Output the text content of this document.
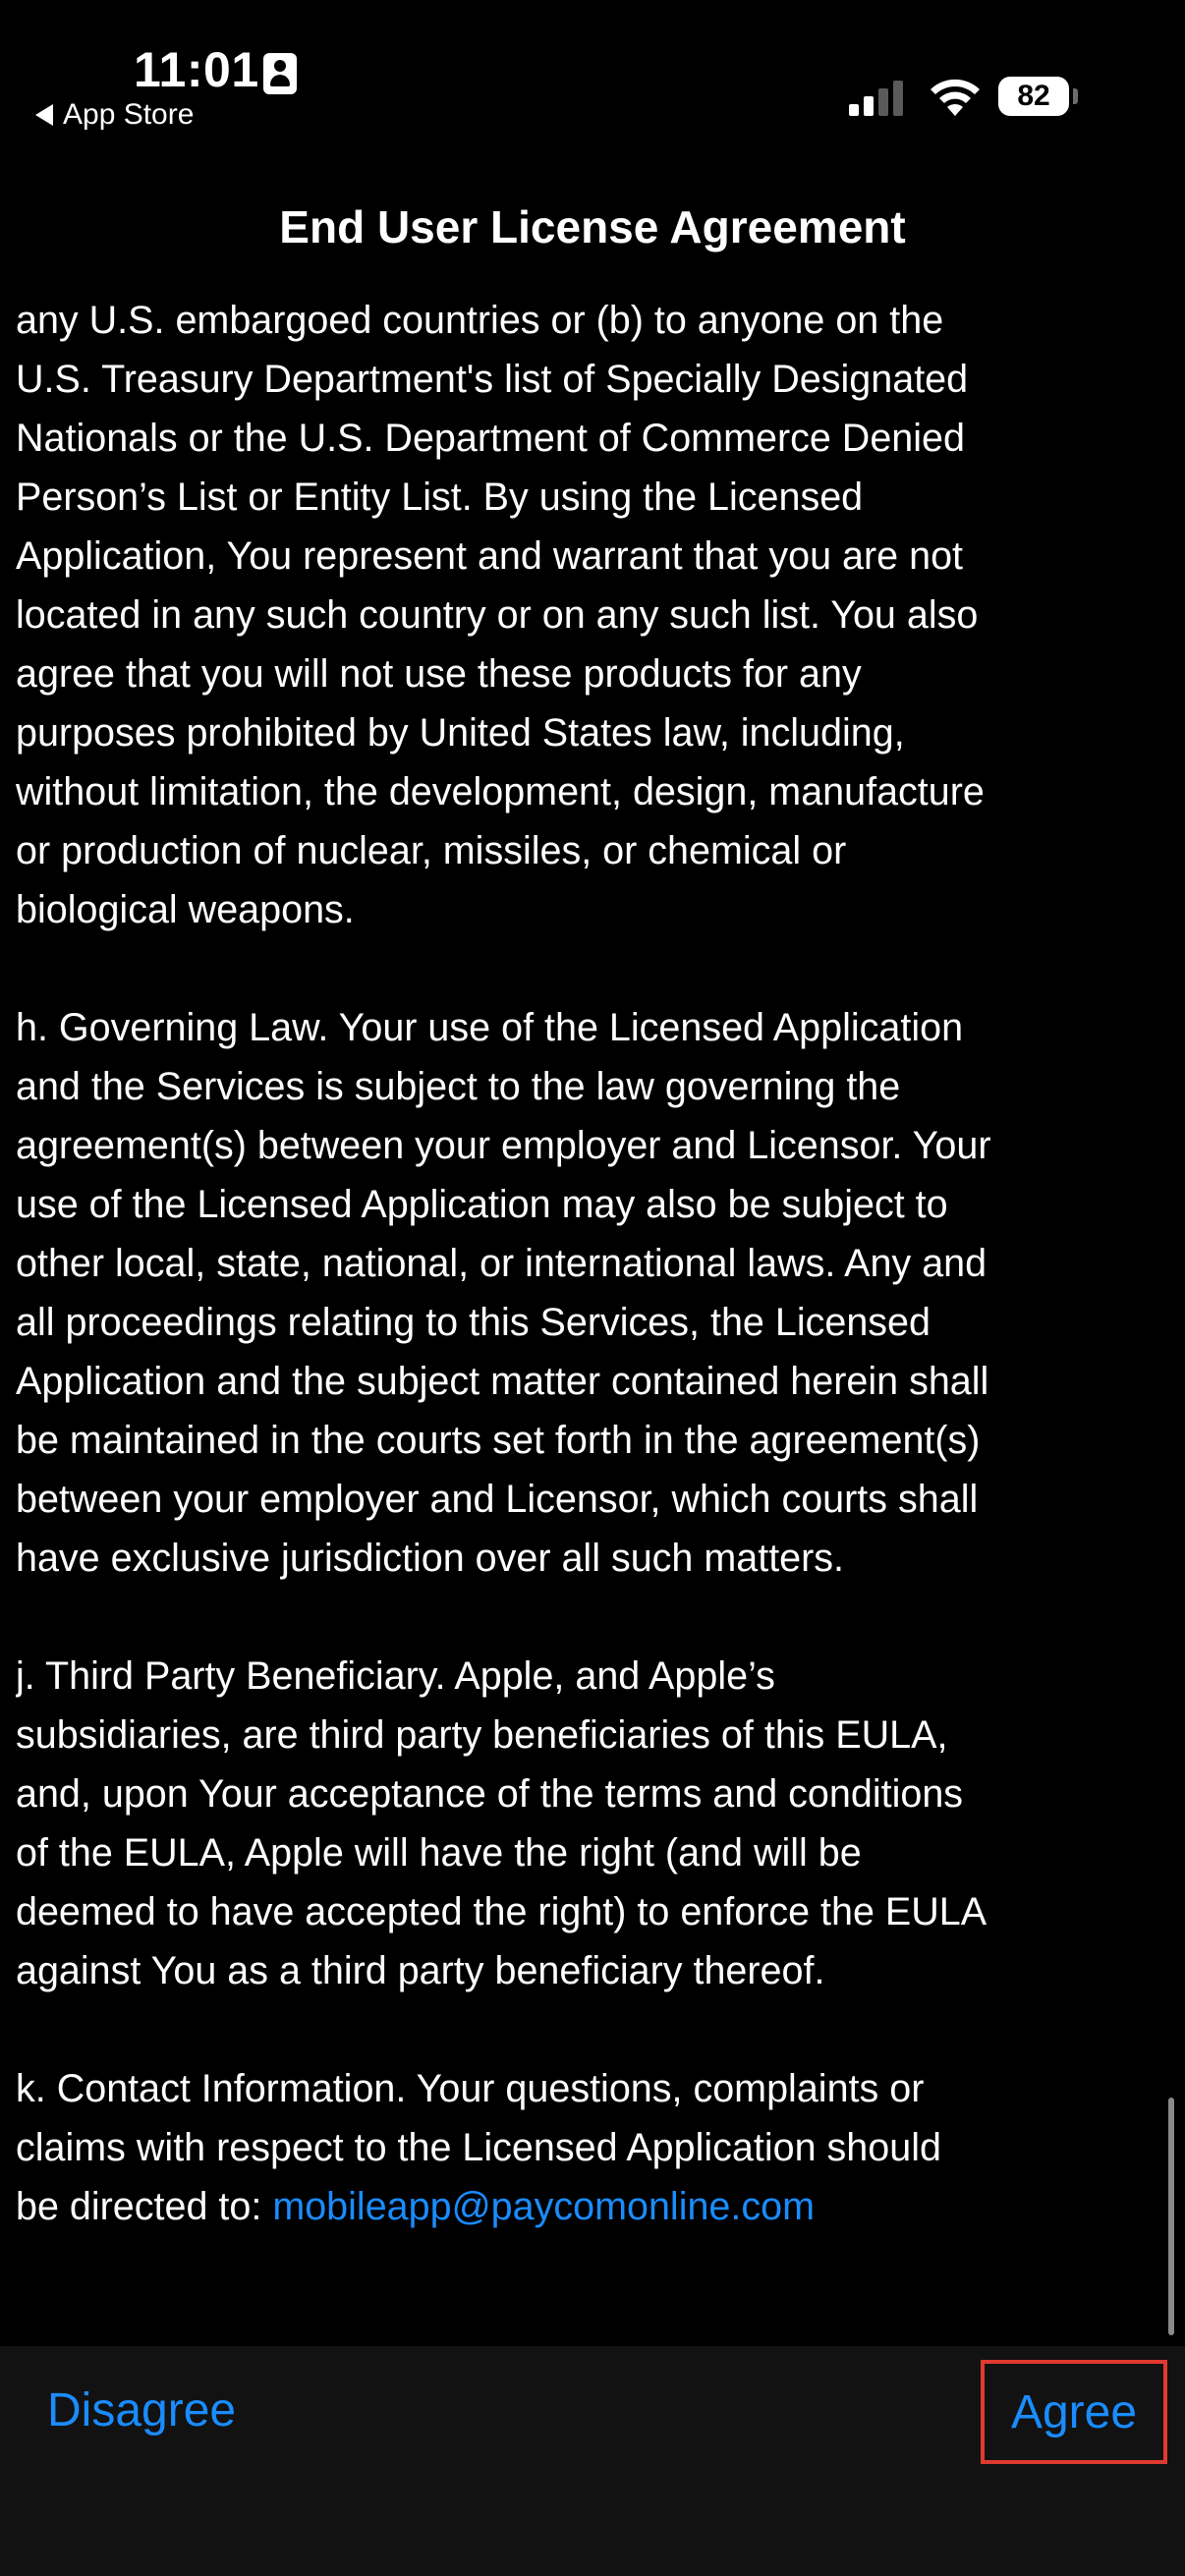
11:01
App Store
82
End User License Agreement

any U.S. embargoed countries or (b) to anyone on the

U.S. Treasury Department's list of Specially Designated

Nationals or the U.S. Department of Commerce Denied

Person’s List or Entity List. By using the Licensed

Application, You represent and warrant that you are not

located in any such country or on any such list. You also

agree that you will not use these products for any

purposes prohibited by United States law, including,

without limitation, the development, design, manufacture

or production of nuclear, missiles, or chemical or

biological weapons.

h. Governing Law. Your use of the Licensed Application

and the Services is subject to the law governing the

agreement(s) between your employer and Licensor. Your

use of the Licensed Application may also be subject to

other local, state, national, or international laws. Any and

all proceedings relating to this Services, the Licensed

Application and the subject matter contained herein shall

be maintained in the courts set forth in the agreement(s)

between your employer and Licensor, which courts shall

have exclusive jurisdiction over all such matters.

j. Third Party Beneficiary. Apple, and Apple’s

subsidiaries, are third party beneficiaries of this EULA,

and, upon Your acceptance of the terms and conditions

of the EULA, Apple will have the right (and will be

deemed to have accepted the right) to enforce the EULA

against You as a third party beneficiary thereof.

k. Contact Information. Your questions, complaints or

claims with respect to the Licensed Application should

be directed to: mobileapp@paycomonline.com

Disagree	Agree
